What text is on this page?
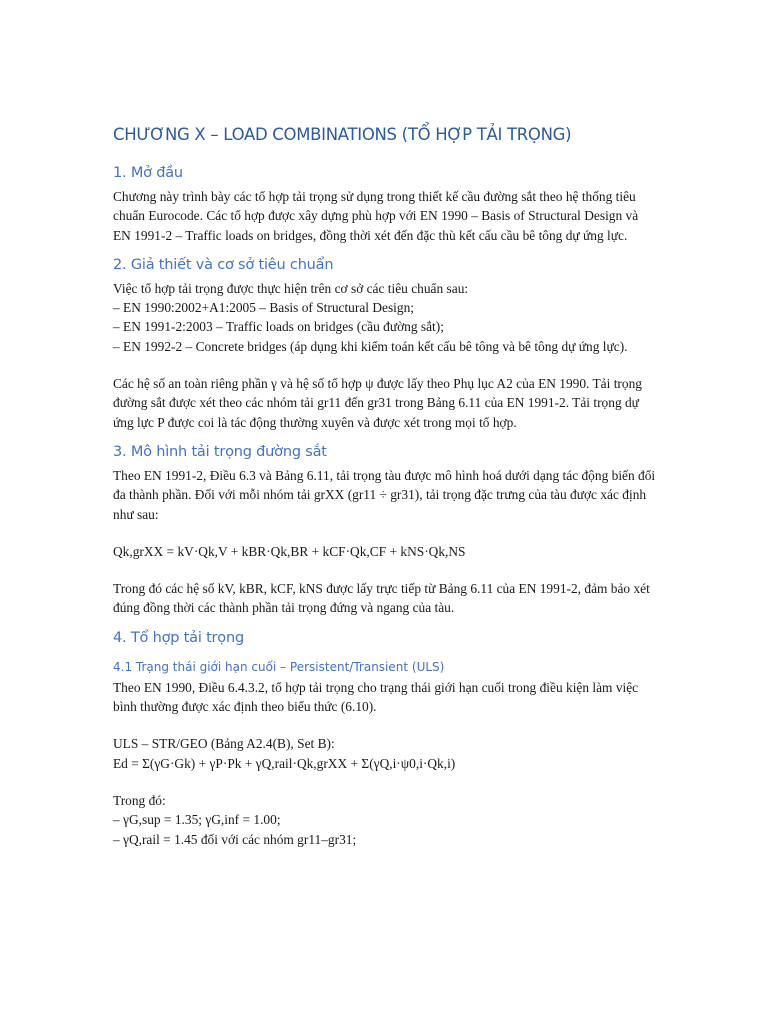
CHƯƠNG X – LOAD COMBINATIONS (TỔ HỢP TẢI TRỌNG)
1. Mở đầu

Chương này trình bày các tổ hợp tải trọng sử dụng trong thiết kế cầu đường sắt theo hệ thống tiêu chuẩn Eurocode. Các tổ hợp được xây dựng phù hợp với EN 1990 – Basis of Structural Design và EN 1991-2 – Traffic loads on bridges, đồng thời xét đến đặc thù kết cấu cầu bê tông dự ứng lực.

2. Giả thiết và cơ sở tiêu chuẩn

Việc tổ hợp tải trọng được thực hiện trên cơ sở các tiêu chuẩn sau:
– EN 1990:2002+A1:2005 – Basis of Structural Design;
– EN 1991-2:2003 – Traffic loads on bridges (cầu đường sắt);
– EN 1992-2 – Concrete bridges (áp dụng khi kiểm toán kết cấu bê tông và bê tông dự ứng lực).

Các hệ số an toàn riêng phần γ và hệ số tổ hợp ψ được lấy theo Phụ lục A2 của EN 1990. Tải trọng đường sắt được xét theo các nhóm tải gr11 đến gr31 trong Bảng 6.11 của EN 1991-2. Tải trọng dự ứng lực P được coi là tác động thường xuyên và được xét trong mọi tổ hợp.

3. Mô hình tải trọng đường sắt

Theo EN 1991-2, Điều 6.3 và Bảng 6.11, tải trọng tàu được mô hình hoá dưới dạng tác động biến đổi đa thành phần. Đối với mỗi nhóm tải grXX (gr11 ÷ gr31), tải trọng đặc trưng của tàu được xác định như sau:

Qk,grXX = kV·Qk,V + kBR·Qk,BR + kCF·Qk,CF + kNS·Qk,NS

Trong đó các hệ số kV, kBR, kCF, kNS được lấy trực tiếp từ Bảng 6.11 của EN 1991-2, đảm bảo xét đúng đồng thời các thành phần tải trọng đứng và ngang của tàu.

4. Tổ hợp tải trọng
4.1 Trạng thái giới hạn cuối – Persistent/Transient (ULS)

Theo EN 1990, Điều 6.4.3.2, tổ hợp tải trọng cho trạng thái giới hạn cuối trong điều kiện làm việc bình thường được xác định theo biểu thức (6.10).

ULS – STR/GEO (Bảng A2.4(B), Set B):
Ed = Σ(γG·Gk) + γP·Pk + γQ,rail·Qk,grXX + Σ(γQ,i·ψ0,i·Qk,i)

Trong đó:
– γG,sup = 1.35; γG,inf = 1.00;
– γQ,rail = 1.45 đối với các nhóm gr11–gr31;
